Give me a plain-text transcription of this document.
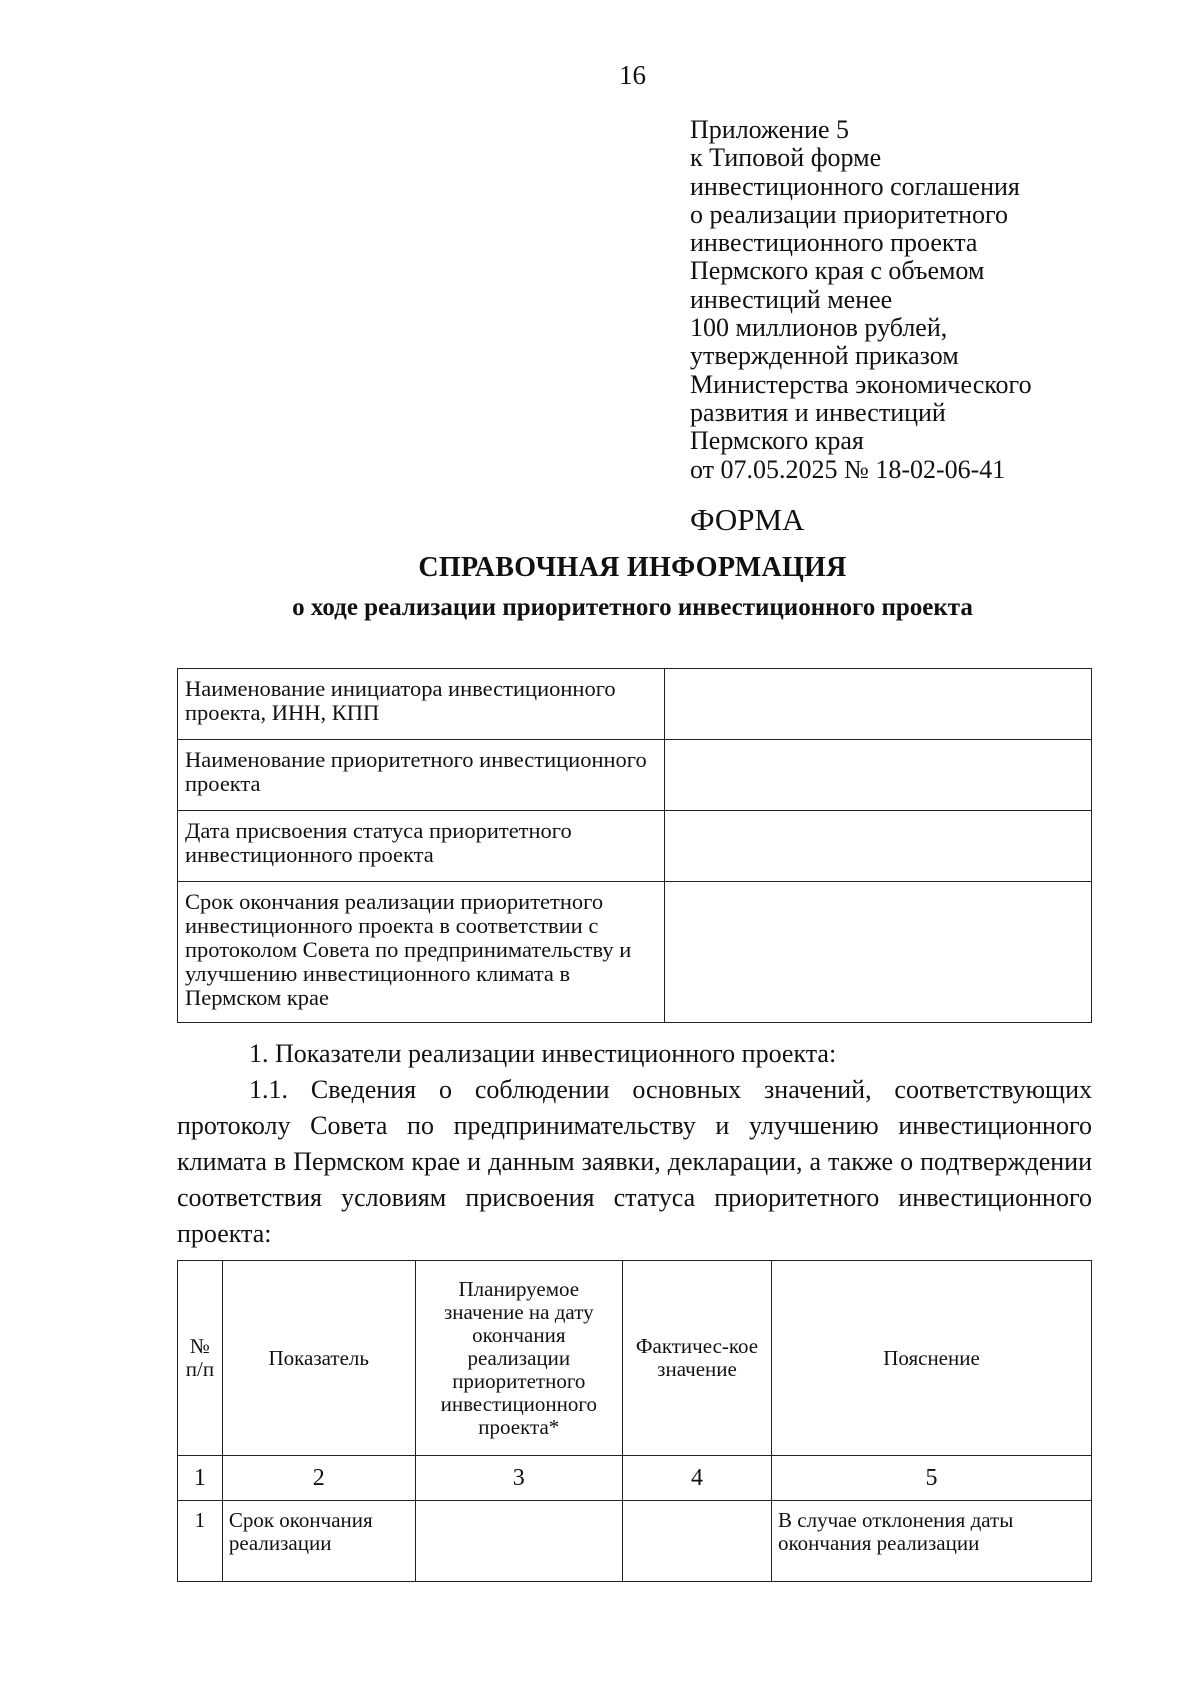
16
Приложение 5
к Типовой форме
инвестиционного соглашения
о реализации приоритетного
инвестиционного проекта
Пермского края с объемом
инвестиций менее
100 миллионов рублей,
утвержденной приказом
Министерства экономического
развития и инвестиций
Пермского края
от 07.05.2025 № 18-02-06-41
ФОРМА
СПРАВОЧНАЯ ИНФОРМАЦИЯ
о ходе реализации приоритетного инвестиционного проекта
Наименование инициатора инвестиционного проекта, ИНН, КПП	
Наименование приоритетного инвестиционного проекта	
Дата присвоения статуса приоритетного инвестиционного проекта	
Срок окончания реализации приоритетного инвестиционного проекта в соответствии с протоколом Совета по предпринимательству и улучшению инвестиционного климата в Пермском крае	
1. Показатели реализации инвестиционного проекта:
1.1. Сведения о соблюдении основных значений, соответствующих протоколу Совета по предпринимательству и улучшению инвестиционного климата в Пермском крае и данным заявки, декларации, а также о подтверждении соответствия условиям присвоения статуса приоритетного инвестиционного проекта:
№ п/п	Показатель	Планируемое значение на дату окончания реализации приоритетного инвестиционного проекта*	Фактичес-кое значение	Пояснение
1	2	3	4	5
1	Срок окончания реализации			В случае отклонения даты окончания реализации
